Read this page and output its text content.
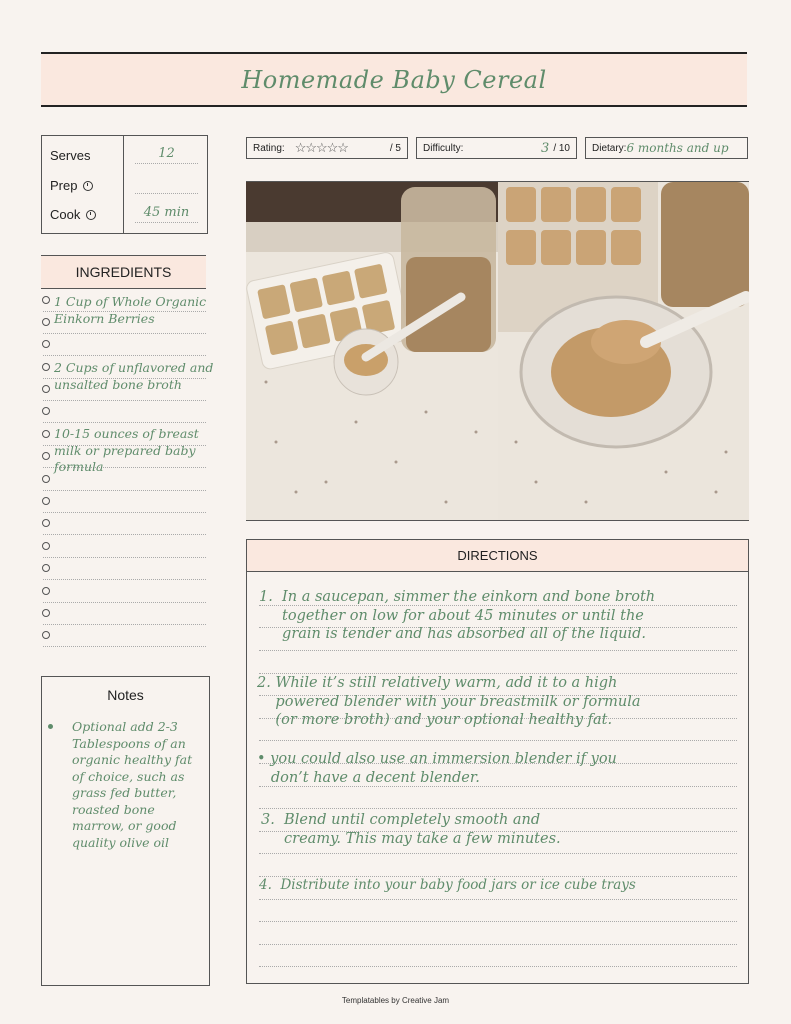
Homemade Baby Cereal
Serves
Prep
Cook
12
45 min
Rating: ☆☆☆☆☆	/ 5 Difficulty:	3 / 10 Dietary: 6 months and up
INGREDIENTS
1 Cup of Whole Organic Einkorn Berries
2 Cups of unflavored and unsalted bone broth
10-15 ounces of breast milk or prepared baby formula
Notes
Optional add 2-3 Tablespoons of an organic healthy fat of choice, such as grass fed butter, roasted bone marrow, or good quality olive oil
DIRECTIONS
1.  In a saucepan, simmer the einkorn and bone broth
together on low for about 45 minutes or until the
grain is tender and has absorbed all of the liquid.
2. While it’s still relatively warm, add it to a high
powered blender with your breastmilk or formula
(or more broth) and your optional healthy fat.
• you could also use an immersion blender if you
don’t have a decent blender.
3.  Blend until completely smooth and
creamy. This may take a few minutes.
4.  Distribute into your baby food jars or ice cube trays
Templatables by Creative Jam
